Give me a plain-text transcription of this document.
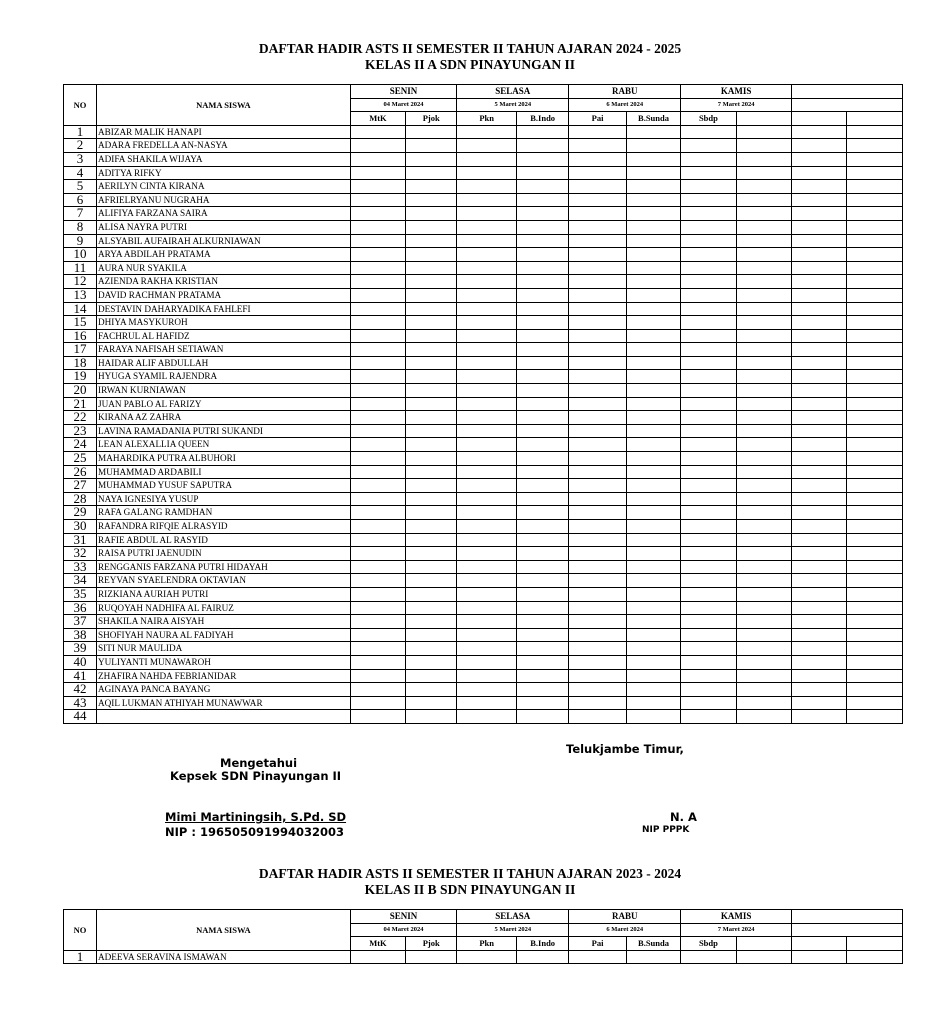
DAFTAR HADIR ASTS II SEMESTER II TAHUN AJARAN 2024 - 2025
KELAS II A SDN PINAYUNGAN II
NO	NAMA SISWA	SENIN		SELASA		RABU		KAMIS			
		04 Maret 2024		5 Maret 2024		6 Maret 2024		7 Maret 2024			
		MtK	Pjok	Pkn	B.Indo	Pai	B.Sunda	Sbdp			
1	ABIZAR MALIK HANAPI										
2	ADARA FREDELLA AN-NASYA										
3	ADIFA SHAKILA WIJAYA										
4	ADITYA RIFKY										
5	AERILYN CINTA KIRANA										
6	AFRIELRYANU NUGRAHA										
7	ALIFIYA FARZANA SAIRA										
8	ALISA NAYRA PUTRI										
9	ALSYABIL AUFAIRAH ALKURNIAWAN										
10	ARYA ABDILAH PRATAMA										
11	AURA NUR SYAKILA										
12	AZIENDA RAKHA KRISTIAN										
13	DAVID RACHMAN PRATAMA										
14	DESTAVIN DAHARYADIKA FAHLEFI										
15	DHIYA MASYKUROH										
16	FACHRUL AL HAFIDZ										
17	FARAYA NAFISAH SETIAWAN										
18	HAIDAR ALIF ABDULLAH										
19	HYUGA SYAMIL RAJENDRA										
20	IRWAN KURNIAWAN										
21	JUAN PABLO AL FARIZY										
22	KIRANA AZ ZAHRA										
23	LAVINA RAMADANIA PUTRI SUKANDI										
24	LEAN ALEXALLIA QUEEN										
25	MAHARDIKA PUTRA ALBUHORI										
26	MUHAMMAD ARDABILI										
27	MUHAMMAD YUSUF SAPUTRA										
28	NAYA IGNESIYA YUSUP										
29	RAFA GALANG RAMDHAN										
30	RAFANDRA RIFQIE ALRASYID										
31	RAFIE ABDUL AL RASYID										
32	RAISA PUTRI JAENUDIN										
33	RENGGANIS FARZANA PUTRI HIDAYAH										
34	REYVAN SYAELENDRA OKTAVIAN										
35	RIZKIANA AURIAH PUTRI										
36	RUQOYAH NADHIFA AL FAIRUZ										
37	SHAKILA NAIRA AISYAH										
38	SHOFIYAH NAURA AL FADIYAH										
39	SITI NUR MAULIDA										
40	YULIYANTI MUNAWAROH										
41	ZHAFIRA NAHDA FEBRIANIDAR										
42	AGINAYA PANCA BAYANG										
43	AQIL LUKMAN ATHIYAH MUNAWWAR										
44											
Telukjambe Timur,
Mengetahui
Kepsek SDN Pinayungan II
Mimi Martiningsih, S.Pd. SD
NIP : 196505091994032003
N. A
NIP PPPK
DAFTAR HADIR ASTS II SEMESTER II TAHUN AJARAN 2023 - 2024
KELAS II B SDN PINAYUNGAN II
NO	NAMA SISWA	SENIN		SELASA		RABU		KAMIS			
		04 Maret 2024		5 Maret 2024		6 Maret 2024		7 Maret 2024			
		MtK	Pjok	Pkn	B.Indo	Pai	B.Sunda	Sbdp			
1	ADEEVA SERAVINA ISMAWAN										
